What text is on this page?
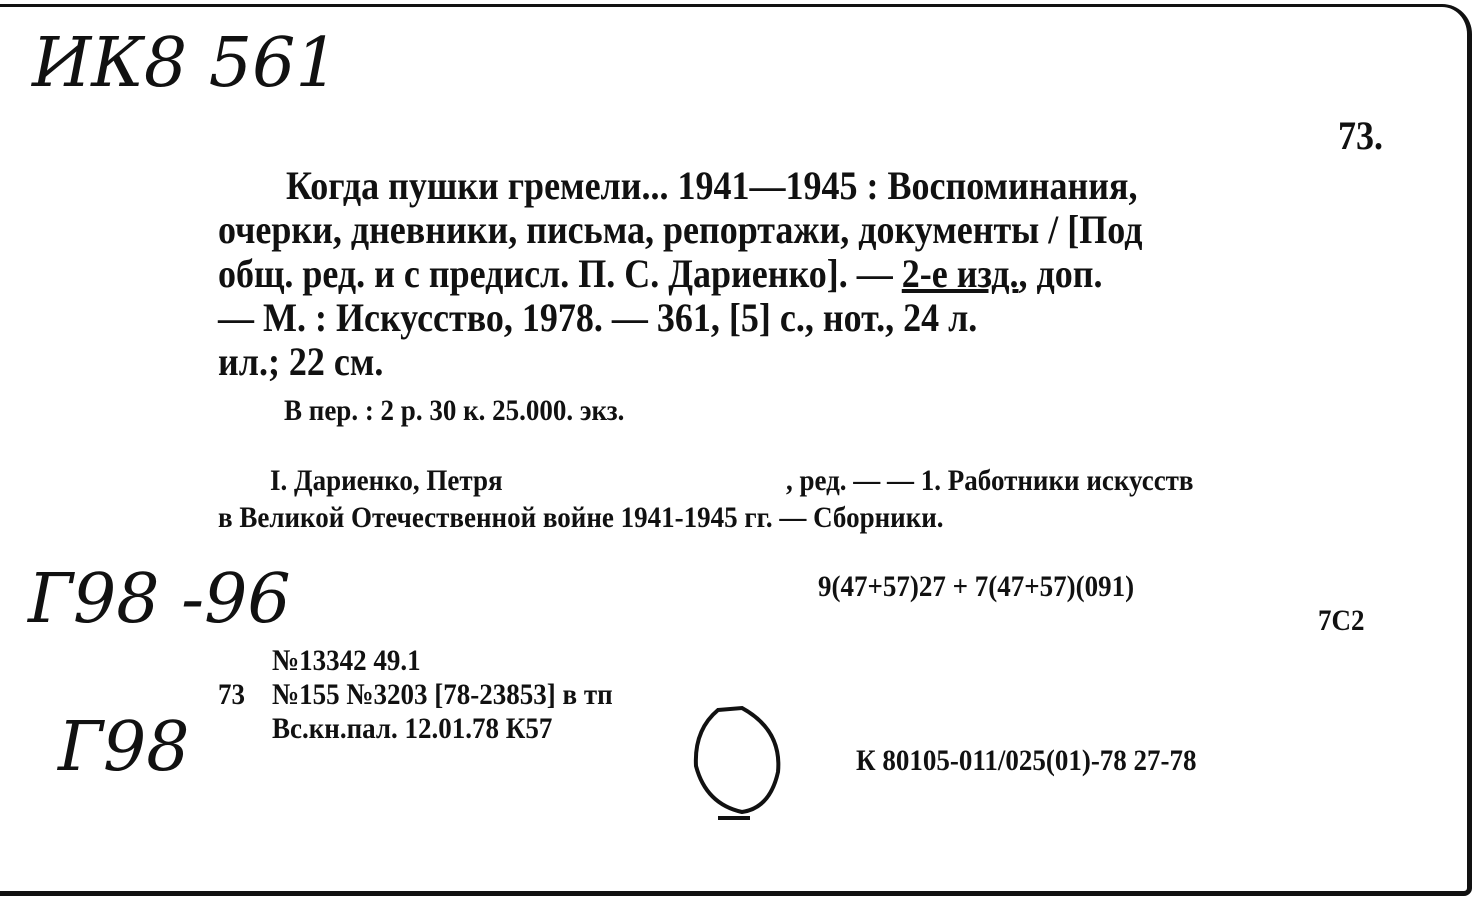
ИК8 561
73.
Когда пушки гремели... 1941—1945 : Воспоминания,
очерки, дневники, письма, репортажи, документы / [Под
общ. ред. и с предисл. П. С. Дариенко]. — 2-е изд., доп.
— М. : Искусство, 1978. — 361, [5] с., нот., 24 л.
ил.; 22 см.
В пер. : 2 р. 30 к. 25.000. экз.
I. Дариенко, Петря	, ред. — — 1. Работники искусств
в Великой Отечественной войне 1941-1945 гг. — Сборники.
Г98 -96	9(47+57)27 + 7(47+57)(091)
7С2
№13342 49.1
73 №155 №3203 [78-23853] в тп
Вс.кн.пал. 12.01.78 К57
Г98	К 80105-011/025(01)-78 27-78
